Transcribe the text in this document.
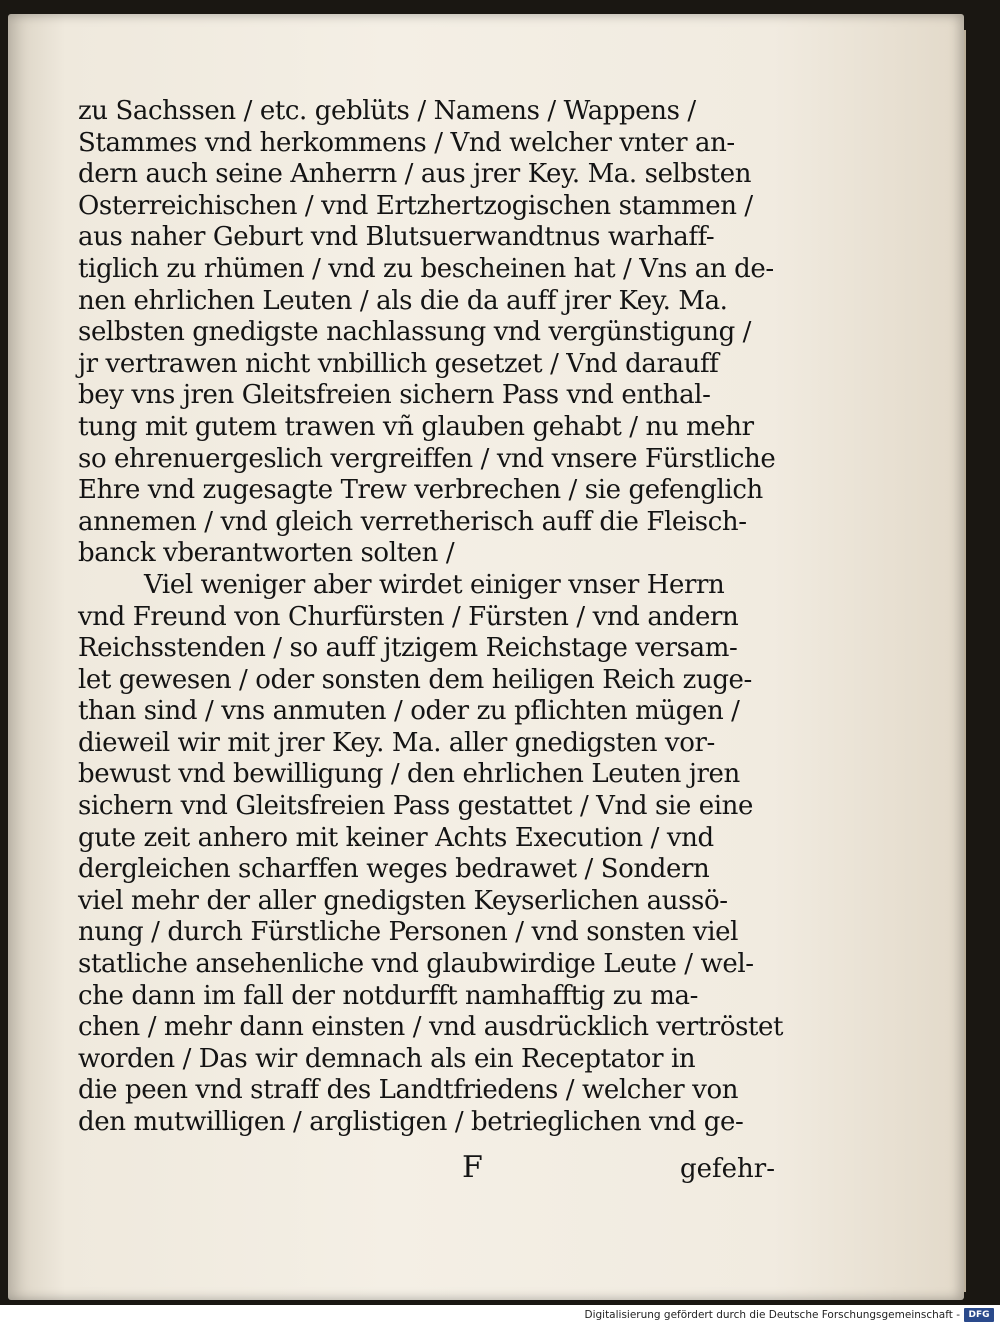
zu Sachssen / etc. geblüts / Namens / Wappens /
Stammes vnd herkommens / Vnd welcher vnter an-
dern auch seine Anherrn / aus jrer Key. Ma. selbsten
Osterreichischen / vnd Ertzhertzogischen stammen /
aus naher Geburt vnd Blutsuerwandtnus warhaff-
tiglich zu rhümen / vnd zu bescheinen hat / Vns an de-
nen ehrlichen Leuten / als die da auff jrer Key. Ma.
selbsten gnedigste nachlassung vnd vergünstigung /
jr vertrawen nicht vnbillich gesetzet / Vnd darauff
bey vns jren Gleitsfreien sichern Pass vnd enthal-
tung mit gutem trawen vñ glauben gehabt / nu mehr
so ehrenuergeslich vergreiffen / vnd vnsere Fürstliche
Ehre vnd zugesagte Trew verbrechen / sie gefenglich
annemen / vnd gleich verretherisch auff die Fleisch-
banck vberantworten solten /
Viel weniger aber wirdet einiger vnser Herrn
vnd Freund von Churfürsten / Fürsten / vnd andern
Reichsstenden / so auff jtzigem Reichstage versam-
let gewesen / oder sonsten dem heiligen Reich zuge-
than sind / vns anmuten / oder zu pflichten mügen /
dieweil wir mit jrer Key. Ma. aller gnedigsten vor-
bewust vnd bewilligung / den ehrlichen Leuten jren
sichern vnd Gleitsfreien Pass gestattet / Vnd sie eine
gute zeit anhero mit keiner Achts Execution / vnd
dergleichen scharffen weges bedrawet / Sondern
viel mehr der aller gnedigsten Keyserlichen aussö-
nung / durch Fürstliche Personen / vnd sonsten viel
statliche ansehenliche vnd glaubwirdige Leute / wel-
che dann im fall der notdurfft namhafftig zu ma-
chen / mehr dann einsten / vnd ausdrücklich vertröstet
worden / Das wir demnach als ein Receptator in
die peen vnd straff des Landtfriedens / welcher von
den mutwilligen / arglistigen / betrieglichen vnd ge-
F	gefehr-
Digitalisierung gefördert durch die Deutsche Forschungsgemeinschaft - DFG
